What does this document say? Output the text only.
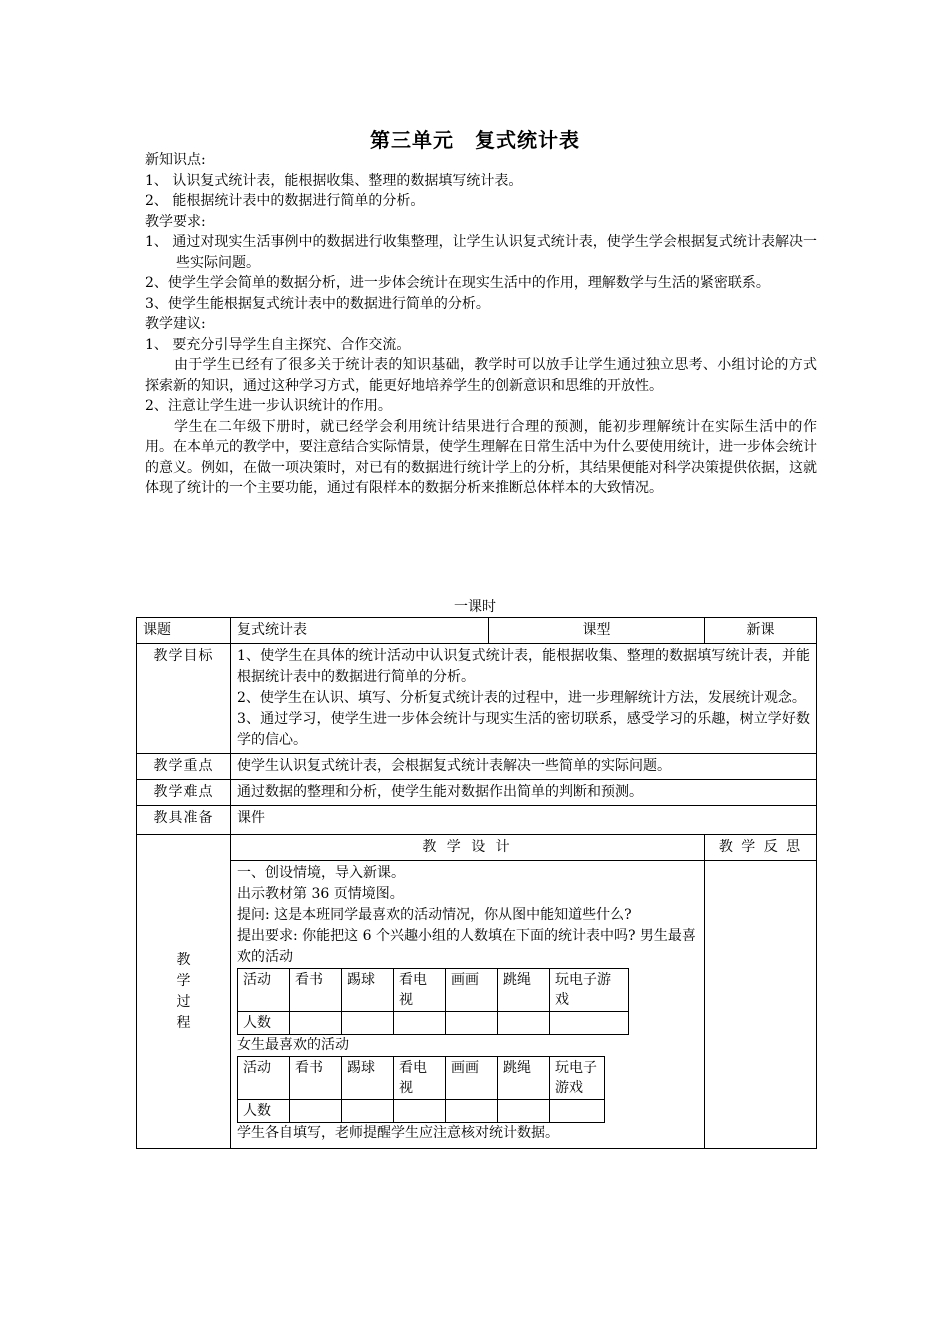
第三单元　复式统计表

新知识点:

1、 认识复式统计表，能根据收集、整理的数据填写统计表。

2、 能根据统计表中的数据进行简单的分析。

教学要求:

1、 通过对现实生活事例中的数据进行收集整理，让学生认识复式统计表，使学生学会根据复式统计表解决一些实际问题。

2、使学生学会简单的数据分析，进一步体会统计在现实生活中的作用，理解数学与生活的紧密联系。

3、使学生能根据复式统计表中的数据进行简单的分析。

教学建议:

1、 要充分引导学生自主探究、合作交流。

由于学生已经有了很多关于统计表的知识基础，教学时可以放手让学生通过独立思考、小组讨论的方式探索新的知识，通过这种学习方式，能更好地培养学生的创新意识和思维的开放性。

2、注意让学生进一步认识统计的作用。

学生在二年级下册时，就已经学会利用统计结果进行合理的预测，能初步理解统计在实际生活中的作用。在本单元的教学中，要注意结合实际情景，使学生理解在日常生活中为什么要使用统计，进一步体会统计的意义。例如，在做一项决策时，对已有的数据进行统计学上的分析，其结果便能对科学决策提供依据，这就体现了统计的一个主要功能，通过有限样本的数据分析来推断总体样本的大致情况。

一课时
课题	复式统计表	课型	新课
教学目标	1、使学生在具体的统计活动中认识复式统计表，能根据收集、整理的数据填写统计表，并能根据统计表中的数据进行简单的分析。

2、使学生在认识、填写、分析复式统计表的过程中，进一步理解统计方法，发展统计观念。

3、通过学习，使学生进一步体会统计与现实生活的密切联系，感受学习的乐趣，树立学好数学的信心。

教学重点	使学生认识复式统计表，会根据复式统计表解决一些简单的实际问题。
教学难点	通过数据的整理和分析，使学生能对数据作出简单的判断和预测。
教具准备	课件

教
学
过
程
	教 学 设 计	教 学 反 思

一、创设情境，导入新课。

出示教材第 36 页情境图。

提问: 这是本班同学最喜欢的活动情况，你从图中能知道些什么?

提出要求: 你能把这 6 个兴趣小组的人数填在下面的统计表中吗? 男生最喜欢的活动

活动	看书	踢球	看电视	画画	跳绳	玩电子游戏
人数						

女生最喜欢的活动

活动	看书	踢球	看电视	画画	跳绳	玩电子游戏
人数						

学生各自填写，老师提醒学生应注意核对统计数据。
